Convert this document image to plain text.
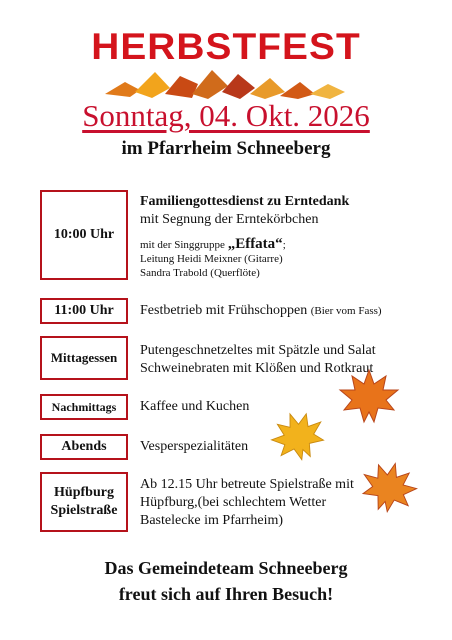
HERBSTFEST
Sonntag, 04. Okt. 2026
im Pfarrheim Schneeberg
10:00 Uhr
Familiengottesdienst zu Erntedank
mit Segnung der Erntekörbchen
mit der Singgruppe „Effata“;
Leitung Heidi Meixner (Gitarre)
Sandra Trabold (Querflöte)
11:00 Uhr Festbetrieb mit Frühschoppen (Bier vom Fass)
Mittagessen Putengeschnetzeltes mit Spätzle und Salat
Schweinebraten mit Klößen und Rotkraut
Nachmittags Kaffee und Kuchen
Abends Vesperspezialitäten
Hüpfburg
Spielstraße
Ab 12.15 Uhr betreute Spielstraße mit
Hüpfburg,(bei schlechtem Wetter
Bastelecke im Pfarrheim)
Das Gemeindeteam Schneeberg
freut sich auf Ihren Besuch!
